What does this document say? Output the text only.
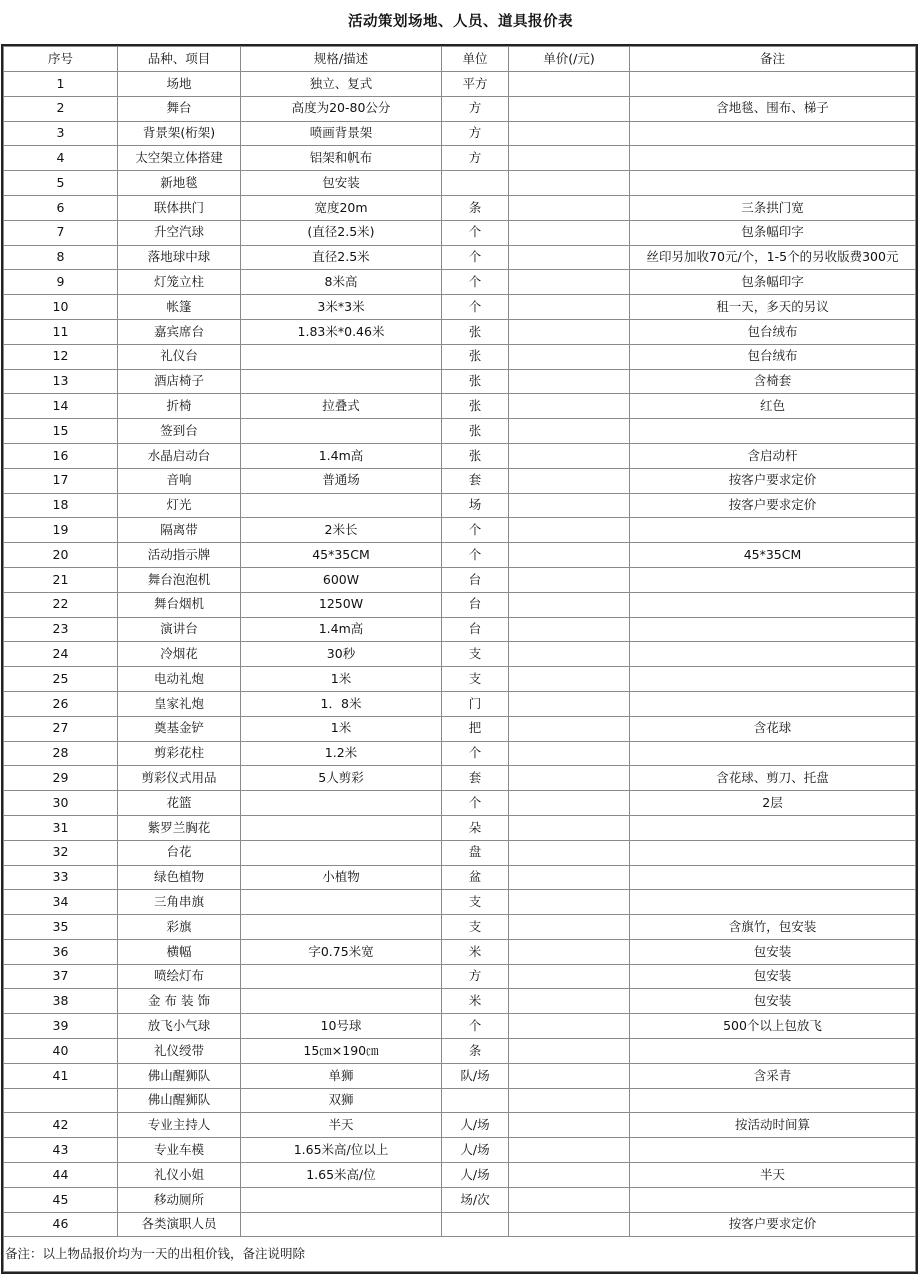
活动策划场地、人员、道具报价表
序号	品种、项目	规格/描述	单位	单价(/元)	备注
1	场地	独立、复式	平方		
2	舞台	高度为20-80公分	方		含地毯、围布、梯子
3	背景架(桁架)	喷画背景架	方		
4	太空架立体搭建	铝架和帆布	方		
5	新地毯	包安装			
6	联体拱门	宽度20m	条		三条拱门宽
7	升空汽球	(直径2.5米)	个		包条幅印字
8	落地球中球	直径2.5米	个		丝印另加收70元/个，1-5个的另收版费300元
9	灯笼立柱	8米高	个		包条幅印字
10	帐篷	3米*3米	个		租一天，多天的另议
11	嘉宾席台	1.83米*0.46米	张		包台绒布
12	礼仪台		张		包台绒布
13	酒店椅子		张		含椅套
14	折椅	拉叠式	张		红色
15	签到台		张		
16	水晶启动台	1.4m高	张		含启动杆
17	音响	普通场	套		按客户要求定价
18	灯光		场		按客户要求定价
19	隔离带	2米长	个		
20	活动指示牌	45*35CM	个		45*35CM
21	舞台泡泡机	600W	台		
22	舞台烟机	1250W	台		
23	演讲台	1.4m高	台		
24	冷烟花	30秒	支		
25	电动礼炮	1米	支		
26	皇家礼炮	1．8米	门		
27	奠基金铲	1米	把		含花球
28	剪彩花柱	1.2米	个		
29	剪彩仪式用品	5人剪彩	套		含花球、剪刀、托盘
30	花篮		个		2层
31	紫罗兰胸花		朵		
32	台花		盘		
33	绿色植物	小植物	盆		
34	三角串旗		支		
35	彩旗		支		含旗竹，包安装
36	横幅	字0.75米宽	米		包安装
37	喷绘灯布		方		包安装
38	金 布 装 饰		米		包安装
39	放飞小气球	10号球	个		500个以上包放飞
40	礼仪绶带	15㎝×190㎝	条		
41	佛山醒狮队	单狮	队/场		含采青
	佛山醒狮队	双狮			
42	专业主持人	半天	人/场		按活动时间算
43	专业车模	1.65米高/位以上	人/场		
44	礼仪小姐	1.65米高/位	人/场		半天
45	移动厕所		场/次		
46	各类演职人员				按客户要求定价
备注：以上物品报价均为一天的出租价钱，备注说明除					
